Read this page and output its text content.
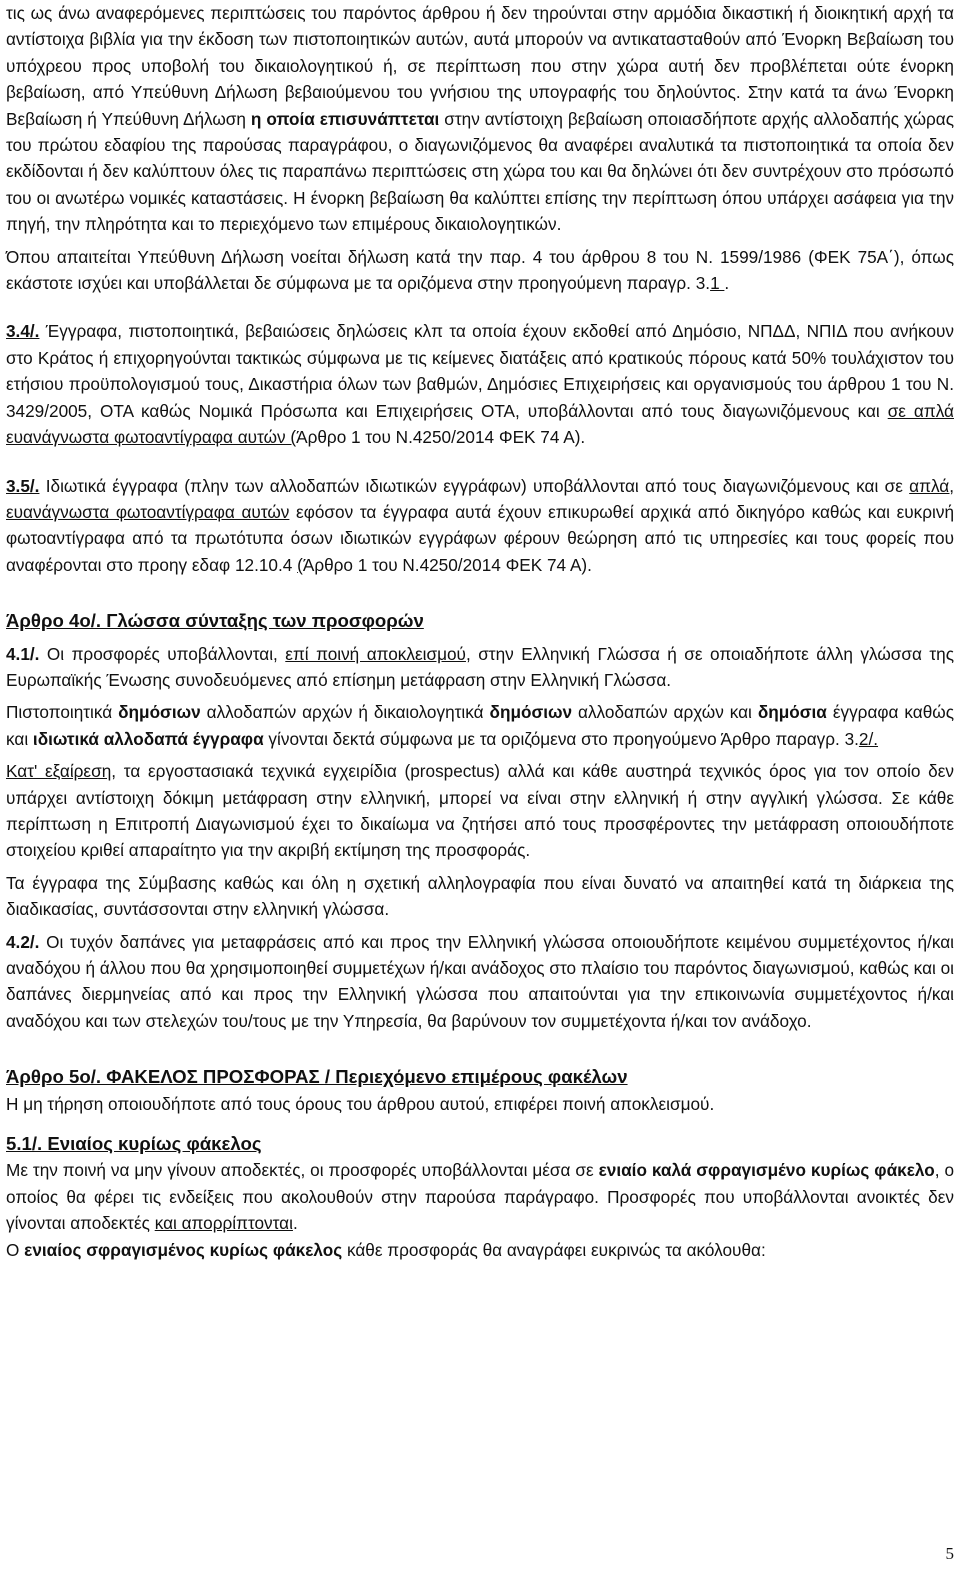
τις ως άνω αναφερόμενες περιπτώσεις του παρόντος άρθρου ή δεν τηρούνται στην αρμόδια δικαστική ή διοικητική αρχή τα αντίστοιχα βιβλία για την έκδοση των πιστοποιητικών αυτών, αυτά μπορούν να αντικατασταθούν από Ένορκη Βεβαίωση του υπόχρεου προς υποβολή του δικαιολογητικού ή, σε περίπτωση που στην χώρα αυτή δεν προβλέπεται ούτε ένορκη βεβαίωση, από Υπεύθυνη Δήλωση βεβαιούμενου του γνήσιου της υπογραφής του δηλούντος. Στην κατά τα άνω Ένορκη Βεβαίωση ή Υπεύθυνη Δήλωση η οποία επισυνάπτεται στην αντίστοιχη βεβαίωση οποιασδήποτε αρχής αλλοδαπής χώρας του πρώτου εδαφίου της παρούσας παραγράφου, ο διαγωνιζόμενος θα αναφέρει αναλυτικά τα πιστοποιητικά τα οποία δεν εκδίδονται ή δεν καλύπτουν όλες τις παραπάνω περιπτώσεις στη χώρα του και θα δηλώνει ότι δεν συντρέχουν στο πρόσωπό του οι ανωτέρω νομικές καταστάσεις. Η ένορκη βεβαίωση θα καλύπτει επίσης την περίπτωση όπου υπάρχει ασάφεια για την πηγή, την πληρότητα και το περιεχόμενο των επιμέρους δικαιολογητικών.

Όπου απαιτείται Υπεύθυνη Δήλωση νοείται δήλωση κατά την παρ. 4 του άρθρου 8 του Ν. 1599/1986 (ΦΕΚ 75Α΄), όπως εκάστοτε ισχύει και υποβάλλεται δε σύμφωνα με τα οριζόμενα στην προηγούμενη παραγρ. 3.1 .

3.4/. Έγγραφα, πιστοποιητικά, βεβαιώσεις δηλώσεις κλπ τα οποία έχουν εκδοθεί από Δημόσιο, ΝΠΔΔ, ΝΠΙΔ που ανήκουν στο Κράτος ή επιχορηγούνται τακτικώς σύμφωνα με τις κείμενες διατάξεις από κρατικούς πόρους κατά 50% τουλάχιστον του ετήσιου προϋπολογισμού τους, Δικαστήρια όλων των βαθμών, Δημόσιες Επιχειρήσεις και οργανισμούς του άρθρου 1 του Ν. 3429/2005, ΟΤΑ καθώς Νομικά Πρόσωπα και Επιχειρήσεις ΟΤΑ, υποβάλλονται από τους διαγωνιζόμενους και σε απλά ευανάγνωστα φωτοαντίγραφα αυτών (Άρθρο 1 του Ν.4250/2014 ΦΕΚ 74 Α).

3.5/. Ιδιωτικά έγγραφα (πλην των αλλοδαπών ιδιωτικών εγγράφων) υποβάλλονται από τους διαγωνιζόμενους και σε απλά, ευανάγνωστα φωτοαντίγραφα αυτών εφόσον τα έγγραφα αυτά έχουν επικυρωθεί αρχικά από δικηγόρο καθώς και ευκρινή φωτοαντίγραφα από τα πρωτότυπα όσων ιδιωτικών εγγράφων φέρουν θεώρηση από τις υπηρεσίες και τους φορείς που αναφέρονται στο προηγ εδαφ 12.10.4 (Άρθρο 1 του Ν.4250/2014 ΦΕΚ 74 Α).

Άρθρο 4ο/. Γλώσσα σύνταξης των προσφορών

4.1/. Οι προσφορές υποβάλλονται, επί ποινή αποκλεισμού, στην Ελληνική Γλώσσα ή σε οποιαδήποτε άλλη γλώσσα της Ευρωπαϊκής Ένωσης συνοδευόμενες από επίσημη μετάφραση στην Ελληνική Γλώσσα.

Πιστοποιητικά δημόσιων αλλοδαπών αρχών ή δικαιολογητικά δημόσιων αλλοδαπών αρχών και δημόσια έγγραφα καθώς και ιδιωτικά αλλοδαπά έγγραφα γίνονται δεκτά σύμφωνα με τα οριζόμενα στο προηγούμενο Άρθρο παραγρ. 3.2/.

Κατ' εξαίρεση, τα εργοστασιακά τεχνικά εγχειρίδια (prospectus) αλλά και κάθε αυστηρά τεχνικός όρος για τον οποίο δεν υπάρχει αντίστοιχη δόκιμη μετάφραση στην ελληνική, μπορεί να είναι στην ελληνική ή στην αγγλική γλώσσα. Σε κάθε περίπτωση η Επιτροπή Διαγωνισμού έχει το δικαίωμα να ζητήσει από τους προσφέροντες την μετάφραση οποιουδήποτε στοιχείου κριθεί απαραίτητο για την ακριβή εκτίμηση της προσφοράς.

Τα έγγραφα της Σύμβασης καθώς και όλη η σχετική αλληλογραφία που είναι δυνατό να απαιτηθεί κατά τη διάρκεια της διαδικασίας, συντάσσονται στην ελληνική γλώσσα.

4.2/. Οι τυχόν δαπάνες για μεταφράσεις από και προς την Ελληνική γλώσσα οποιουδήποτε κειμένου συμμετέχοντος ή/και αναδόχου ή άλλου που θα χρησιμοποιηθεί συμμετέχων ή/και ανάδοχος στο πλαίσιο του παρόντος διαγωνισμού, καθώς και οι δαπάνες διερμηνείας από και προς την Ελληνική γλώσσα που απαιτούνται για την επικοινωνία συμμετέχοντος ή/και αναδόχου και των στελεχών του/τους με την Υπηρεσία, θα βαρύνουν τον συμμετέχοντα ή/και τον ανάδοχο.

Άρθρο 5ο/. ΦΑΚΕΛΟΣ ΠΡΟΣΦΟΡΑΣ / Περιεχόμενο επιμέρους φακέλων

Η μη τήρηση οποιουδήποτε από τους όρους του άρθρου αυτού, επιφέρει ποινή αποκλεισμού.

5.1/. Ενιαίος κυρίως φάκελος

Με την ποινή να μην γίνουν αποδεκτές, οι προσφορές υποβάλλονται μέσα σε ενιαίο καλά σφραγισμένο κυρίως φάκελο, ο οποίος θα φέρει τις ενδείξεις που ακολουθούν στην παρούσα παράγραφο. Προσφορές που υποβάλλονται ανοικτές δεν γίνονται αποδεκτές και απορρίπτονται.

Ο ενιαίος σφραγισμένος κυρίως φάκελος κάθε προσφοράς θα αναγράφει ευκρινώς τα ακόλουθα:

5
